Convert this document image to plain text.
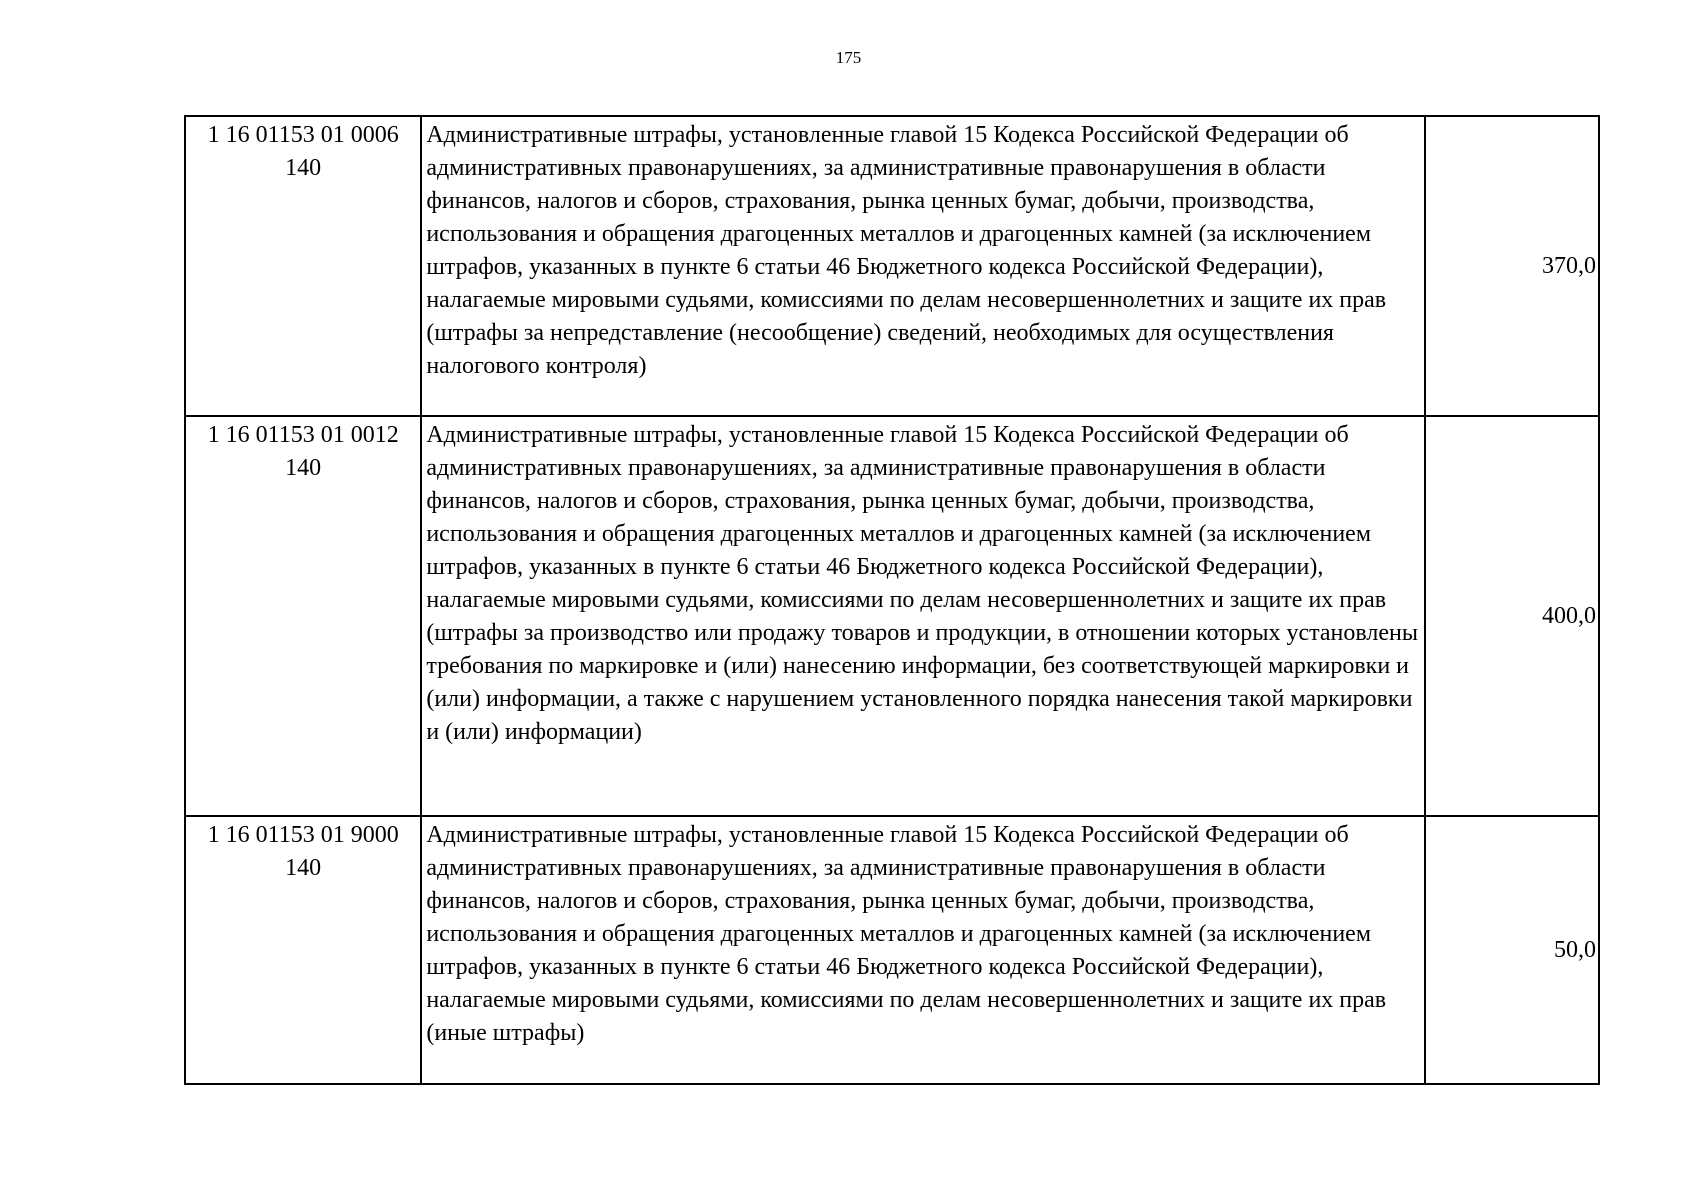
175
1 16 01153 01 0006
140	Административные штрафы, установленные главой 15 Кодекса Российской Федерации об административных правонарушениях, за административные правонарушения в области финансов, налогов и сборов, страхования, рынка ценных бумаг, добычи, производства, использования и обращения драгоценных металлов и драгоценных камней (за исключением штрафов, указанных в пункте 6 статьи 46 Бюджетного кодекса Российской Федерации), налагаемые мировыми судьями, комиссиями по делам несовершеннолетних и защите их прав (штрафы за непредставление (несообщение) сведений, необходимых для осуществления налогового контроля)	370,0

1 16 01153 01 0012
140	Административные штрафы, установленные главой 15 Кодекса Российской Федерации об административных правонарушениях, за административные правонарушения в области финансов, налогов и сборов, страхования, рынка ценных бумаг, добычи, производства, использования и обращения драгоценных металлов и драгоценных камней (за исключением штрафов, указанных в пункте 6 статьи 46 Бюджетного кодекса Российской Федерации), налагаемые мировыми судьями, комиссиями по делам несовершеннолетних и защите их прав (штрафы за производство или продажу товаров и продукции, в отношении которых установлены требования по маркировке и (или) нанесению информации, без соответствующей маркировки и (или) информации, а также с нарушением установленного порядка нанесения такой маркировки и (или) информации)	400,0

1 16 01153 01 9000
140	Административные штрафы, установленные главой 15 Кодекса Российской Федерации об административных правонарушениях, за административные правонарушения в области финансов, налогов и сборов, страхования, рынка ценных бумаг, добычи, производства, использования и обращения драгоценных металлов и драгоценных камней (за исключением штрафов, указанных в пункте 6 статьи 46 Бюджетного кодекса Российской Федерации), налагаемые мировыми судьями, комиссиями по делам несовершеннолетних и защите их прав (иные штрафы)	50,0
